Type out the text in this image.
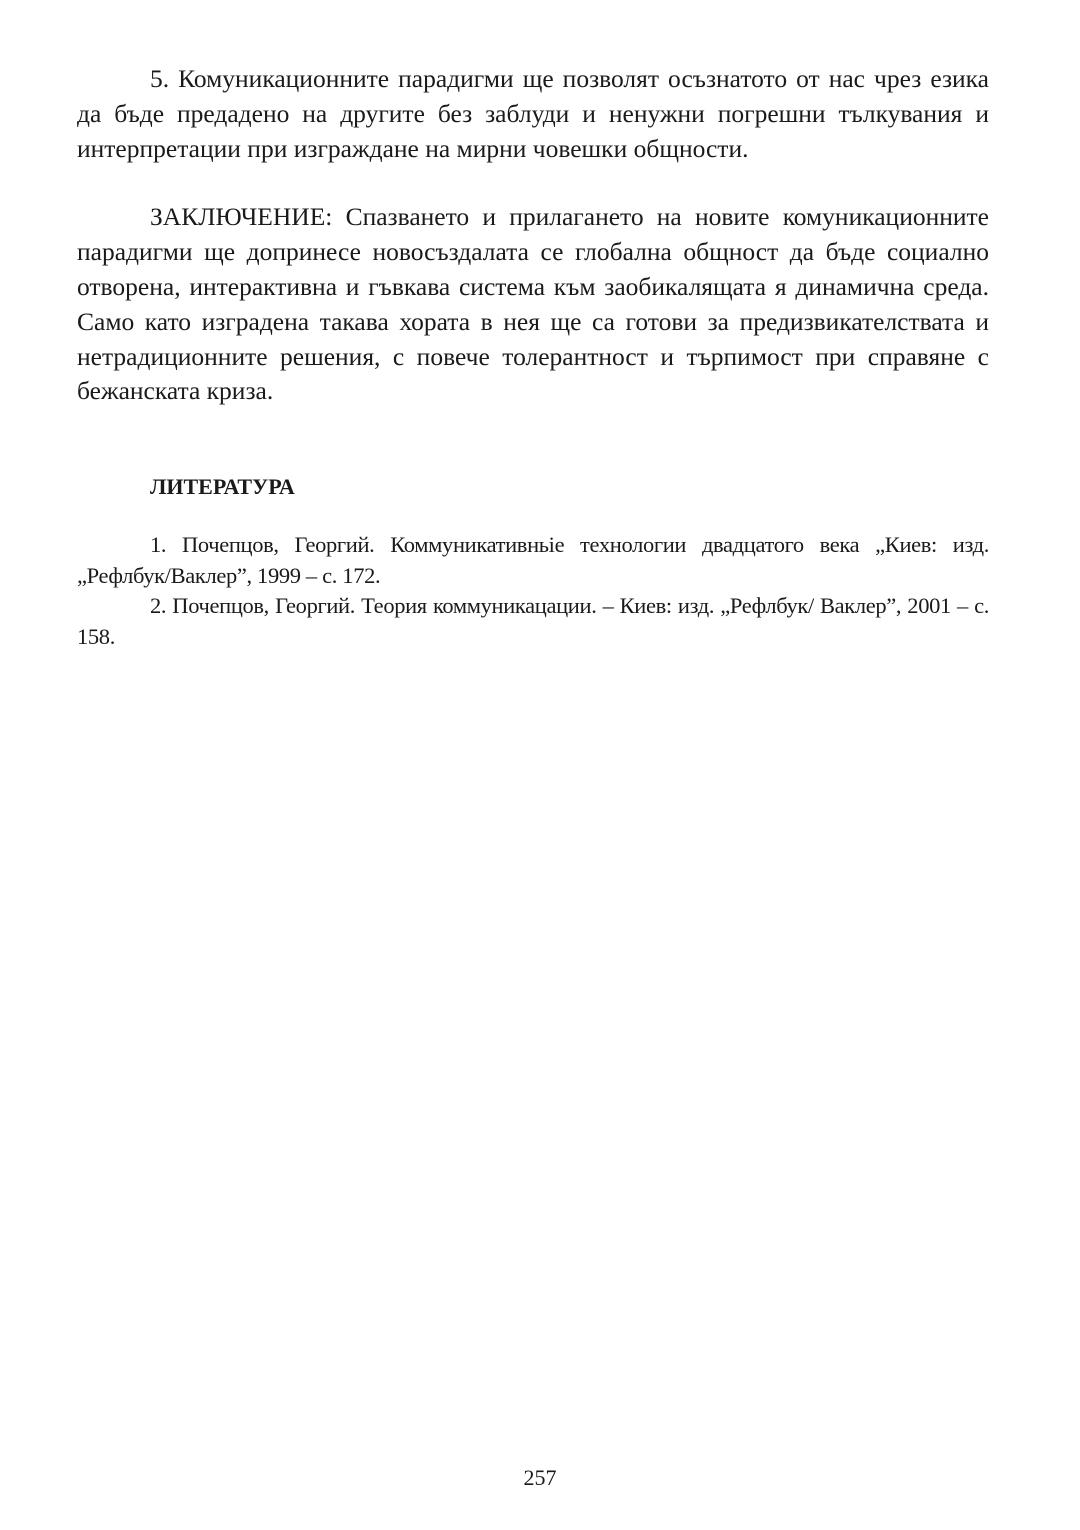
5. Комуникационните парадигми ще позволят осъзнатото от нас чрез езика да бъде предадено на другите без заблуди и ненужни погрешни тълкувания и интерпретации при изграждане на мирни човешки общности.

ЗАКЛЮЧЕНИЕ: Спазването и прилагането на новите комуникационните парадигми ще допринесе новосъздалата се глобална общност да бъде социално отворена, интерактивна и гъвкава система към заобикалящата я динамична среда. Само като изградена такава хората в нея ще са готови за предизвикателствата и нетрадиционните решения, с повече толерантност и търпимост при справяне с бежанската криза.

ЛИТЕРАТУРА

1. Почепцов, Георгий. Коммуникативньіе технологии двадцатого века „Киев: изд. „Рефлбук/Ваклер”, 1999 – с. 172.

2. Почепцов, Георгий. Теория коммуникацации. – Киев: изд. „Рефлбук/ Ваклер”, 2001 – с. 158.

257
